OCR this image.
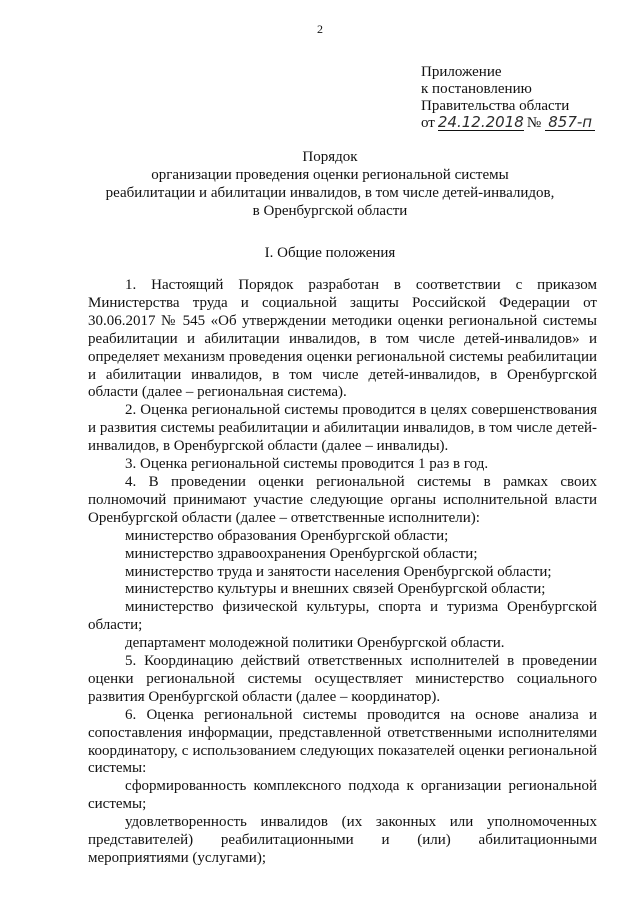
2
Приложение
к постановлению
Правительства области
от 24.12.2018 № 857-п
Порядок
организации проведения оценки региональной системы
реабилитации и абилитации инвалидов, в том числе детей-инвалидов,
в Оренбургской области
I. Общие положения

1. Настоящий Порядок разработан в соответствии с приказом Министерства труда и социальной защиты Российской Федерации от 30.06.2017 № 545 «Об утверждении методики оценки региональной системы реабилитации и абилитации инвалидов, в том числе детей-инвалидов» и определяет механизм проведения оценки региональной системы реабилитации и абилитации инвалидов, в том числе детей-инвалидов, в Оренбургской области (далее – региональная система).

2. Оценка региональной системы проводится в целях совершенствования и развития системы реабилитации и абилитации инвалидов, в том числе детей-инвалидов, в Оренбургской области (далее – инвалиды).

3. Оценка региональной системы проводится 1 раз в год.

4. В проведении оценки региональной системы в рамках своих полномочий принимают участие следующие органы исполнительной власти Оренбургской области (далее – ответственные исполнители):

министерство образования Оренбургской области;

министерство здравоохранения Оренбургской области;

министерство труда и занятости населения Оренбургской области;

министерство культуры и внешних связей Оренбургской области;

министерство физической культуры, спорта и туризма Оренбургской области;

департамент молодежной политики Оренбургской области.

5. Координацию действий ответственных исполнителей в проведении оценки региональной системы осуществляет министерство социального развития Оренбургской области (далее – координатор).

6. Оценка региональной системы проводится на основе анализа и сопоставления информации, представленной ответственными исполнителями координатору, с использованием следующих показателей оценки региональной системы:

сформированность комплексного подхода к организации региональной системы;

удовлетворенность инвалидов (их законных или уполномоченных представителей) реабилитационными и (или) абилитационными мероприятиями (услугами);
